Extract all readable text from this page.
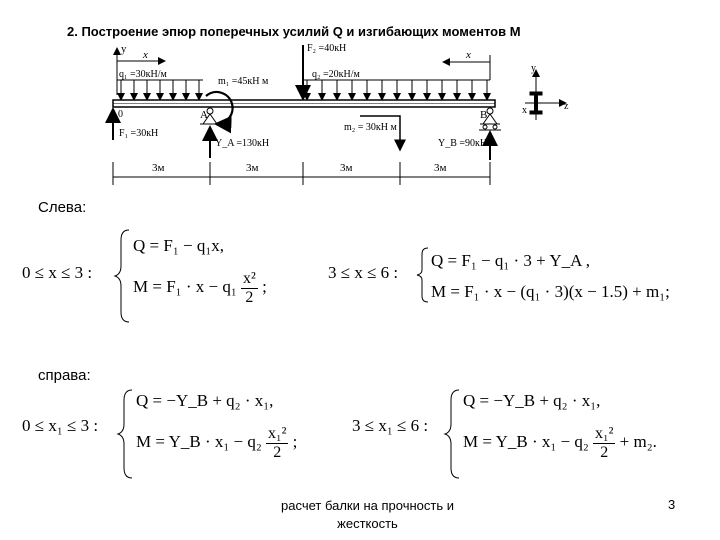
2. Построение эпюр поперечных усилий Q и изгибающих моментов М
y x
q₁ =30кН/м	q₂ =20кН/м
F₂ =40кН
m₁ =45кН м
A	B
x
0
F₁ =30кН
Y_A =130кН
m₂ = 30кН м
Y_B =90кН
y
x	z
3м	3м	3м	3м
Слева:
0 ≤ x ≤ 3 :
Q = F₁ − q₁x,
$M = F_1 \cdot x - q_1 \frac{\text{x²}}{2}$ ;
3 ≤ x ≤ 6 :
Q = F₁ − q₁ · 3 + Y_A ,
M = F₁ · x − (q₁ · 3)(x − 1.5) + m₁;
справа:
0 ≤ x₁ ≤ 3 :
Q = −Y_B + q₂ · x₁,
M = Y_B · $x_1 - q_2 \frac{\text{x₁²}}{2}$ ;
3 ≤ x₁ ≤ 6 :
Q = −Y_B + q₂ · x₁,
M = Y_B · $x_1 - q_2 \frac{\text{x₁²}}{2} + m_2$.
расчет балки на прочность и жесткость
3
